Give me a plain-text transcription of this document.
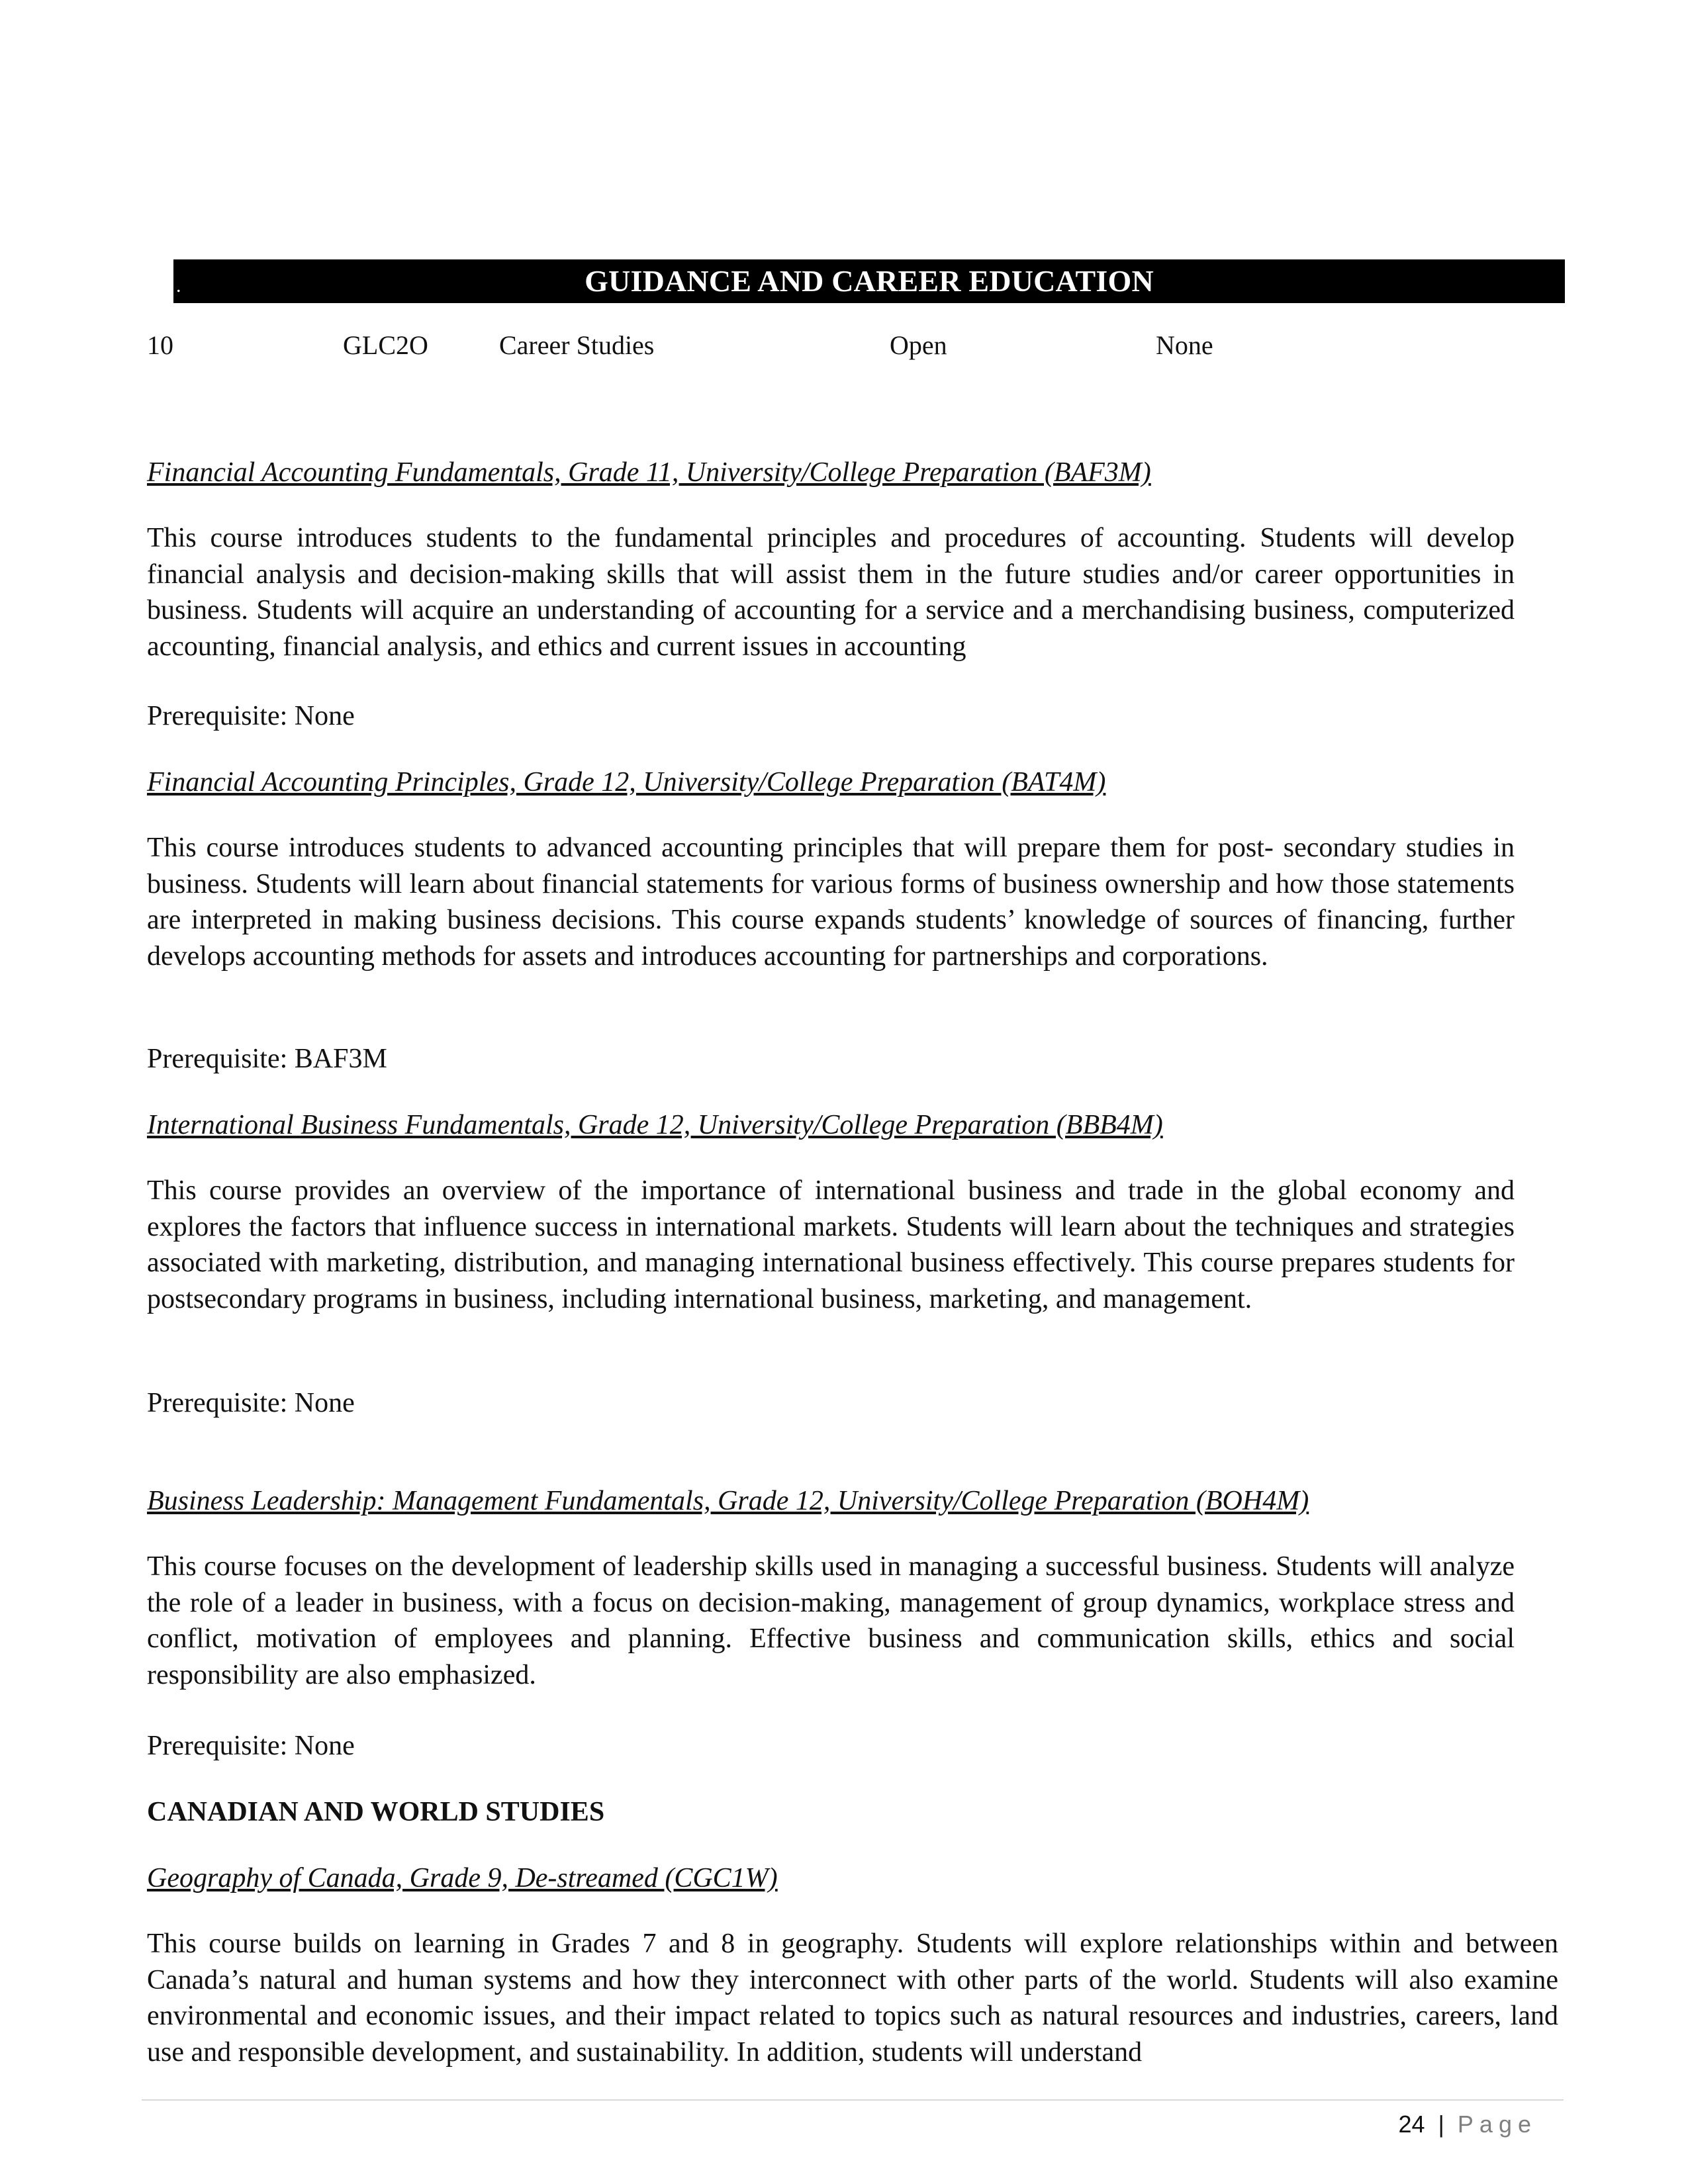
.	GUIDANCE AND CAREER EDUCATION
10	GLC2O	Career Studies	Open	None
Financial Accounting Fundamentals, Grade 11, University/College Preparation (BAF3M)
This course introduces students to the fundamental principles and procedures of accounting. Students will develop financial analysis and decision-making skills that will assist them in the future studies and/or career opportunities in business. Students will acquire an understanding of accounting for a service and a merchandising business, computerized accounting, financial analysis, and ethics and current issues in accounting
Prerequisite: None
Financial Accounting Principles, Grade 12, University/College Preparation (BAT4M)
This course introduces students to advanced accounting principles that will prepare them for post- secondary studies in business. Students will learn about financial statements for various forms of business ownership and how those statements are interpreted in making business decisions. This course expands students’ knowledge of sources of financing, further develops accounting methods for assets and introduces accounting for partnerships and corporations.
Prerequisite: BAF3M
International Business Fundamentals, Grade 12, University/College Preparation (BBB4M)
This course provides an overview of the importance of international business and trade in the global economy and explores the factors that influence success in international markets. Students will learn about the techniques and strategies associated with marketing, distribution, and managing international business effectively. This course prepares students for postsecondary programs in business, including international business, marketing, and management.
Prerequisite: None
Business Leadership: Management Fundamentals, Grade 12, University/College Preparation (BOH4M)
This course focuses on the development of leadership skills used in managing a successful business. Students will analyze the role of a leader in business, with a focus on decision-making, management of group dynamics, workplace stress and conflict, motivation of employees and planning. Effective business and communication skills, ethics and social responsibility are also emphasized.
Prerequisite: None
CANADIAN AND WORLD STUDIES
Geography of Canada, Grade 9, De-streamed (CGC1W)
This course builds on learning in Grades 7 and 8 in geography. Students will explore relationships within and between Canada’s natural and human systems and how they interconnect with other parts of the world. Students will also examine environmental and economic issues, and their impact related to topics such as natural resources and industries, careers, land use and responsible development, and sustainability. In addition, students will understand
24 | Page
